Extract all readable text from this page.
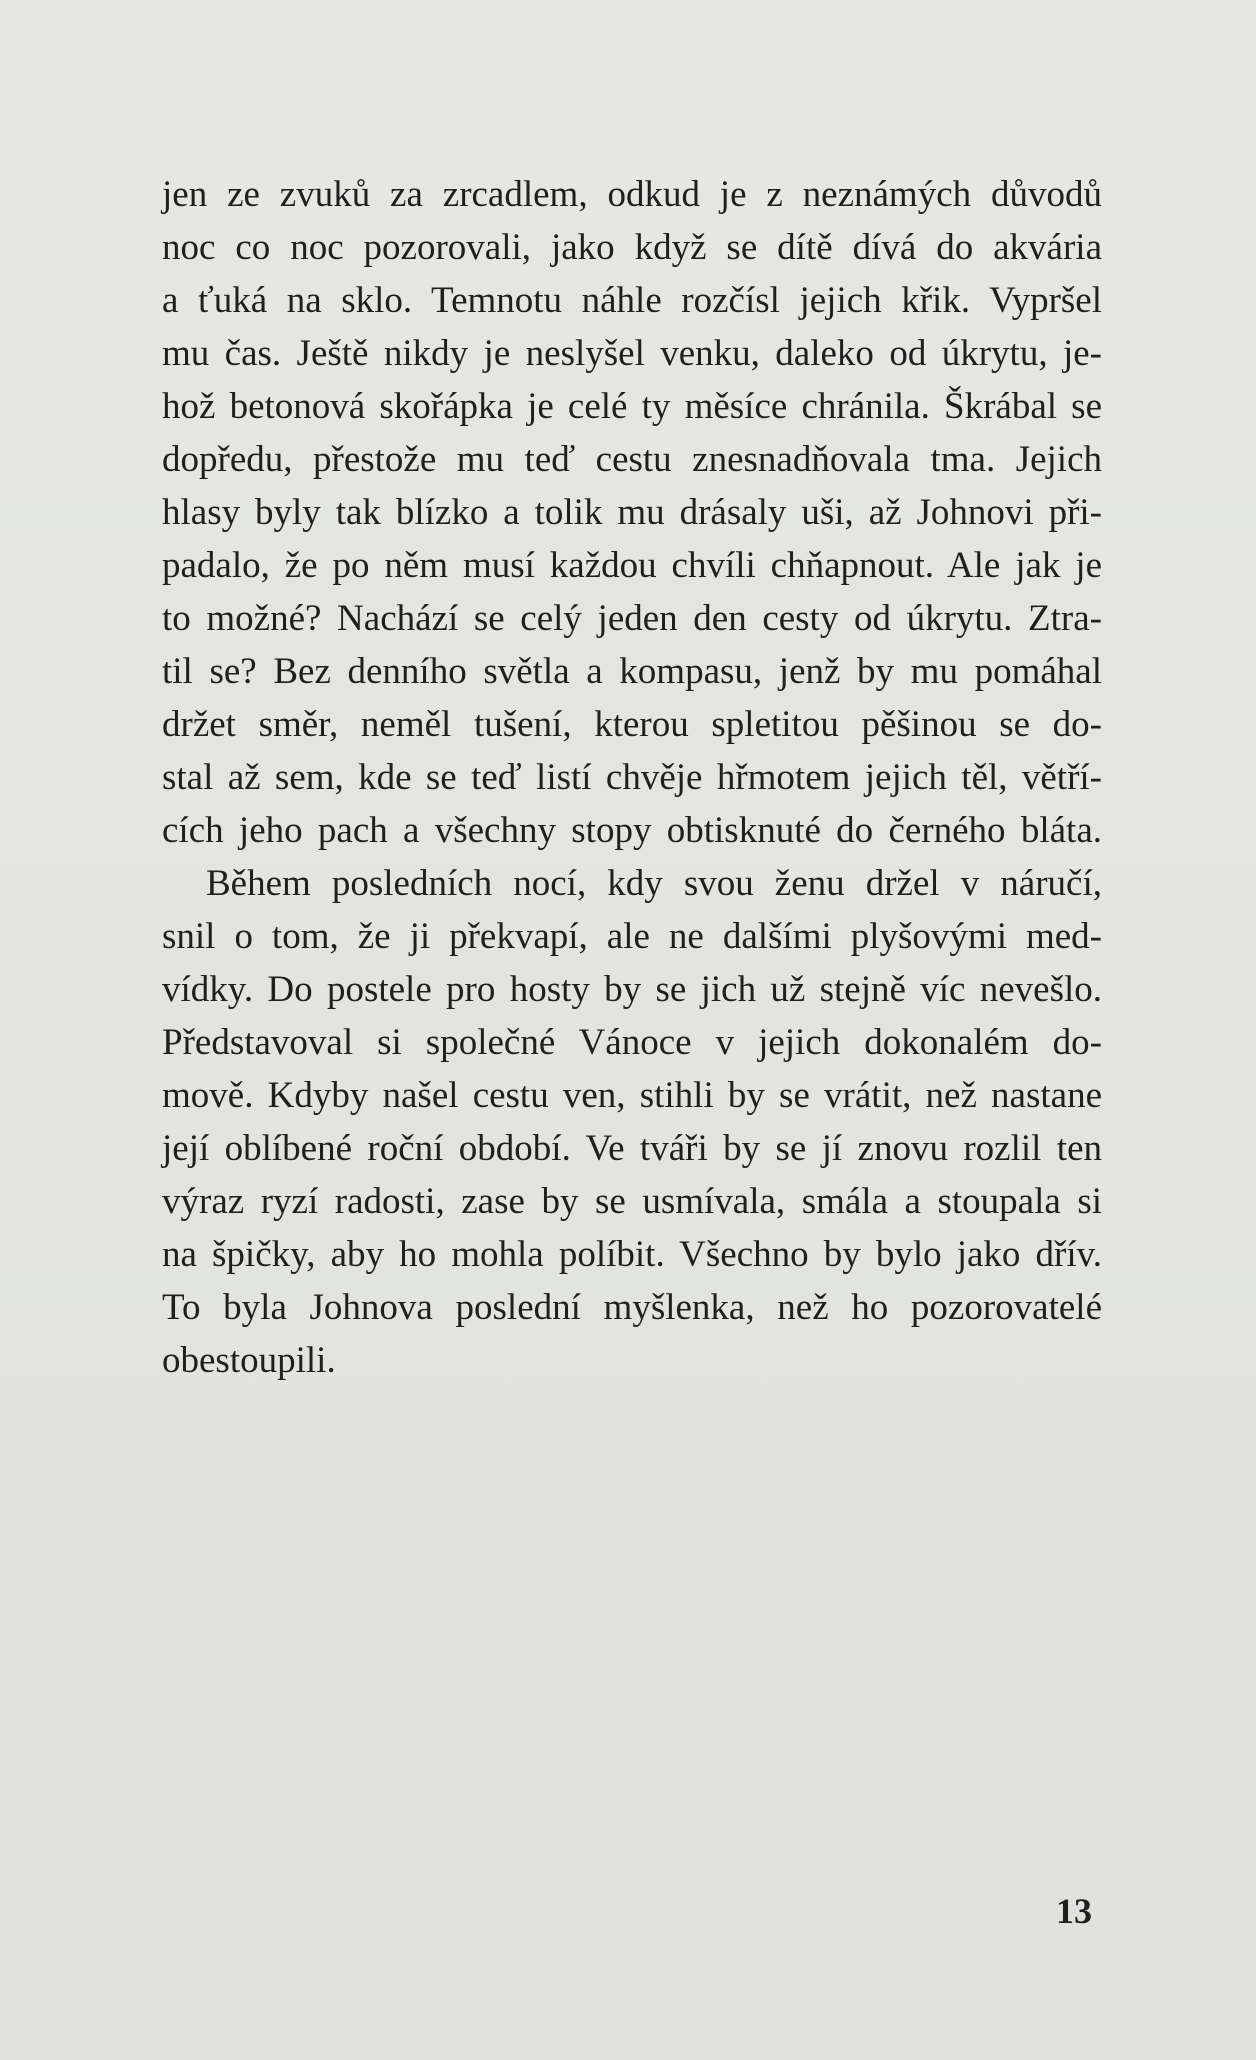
jen ze zvuků za zrcadlem, odkud je z neznámých důvodů
noc co noc pozorovali, jako když se dítě dívá do akvária
a ťuká na sklo. Temnotu náhle rozčísl jejich křik. Vypršel
mu čas. Ještě nikdy je neslyšel venku, daleko od úkrytu, je-
hož betonová skořápka je celé ty měsíce chránila. Škrábal se
dopředu, přestože mu teď cestu znesnadňovala tma. Jejich
hlasy byly tak blízko a tolik mu drásaly uši, až Johnovi při-
padalo, že po něm musí každou chvíli chňapnout. Ale jak je
to možné? Nachází se celý jeden den cesty od úkrytu. Ztra-
til se? Bez denního světla a kompasu, jenž by mu pomáhal
držet směr, neměl tušení, kterou spletitou pěšinou se do-
stal až sem, kde se teď listí chvěje hřmotem jejich těl, větří-
cích jeho pach a všechny stopy obtisknuté do černého bláta.
Během posledních nocí, kdy svou ženu držel v náručí,
snil o tom, že ji překvapí, ale ne dalšími plyšovými med-
vídky. Do postele pro hosty by se jich už stejně víc nevešlo.
Představoval si společné Vánoce v jejich dokonalém do-
mově. Kdyby našel cestu ven, stihli by se vrátit, než nastane
její oblíbené roční období. Ve tváři by se jí znovu rozlil ten
výraz ryzí radosti, zase by se usmívala, smála a stoupala si
na špičky, aby ho mohla políbit. Všechno by bylo jako dřív.
To byla Johnova poslední myšlenka, než ho pozorovatelé
obestoupili.
13
